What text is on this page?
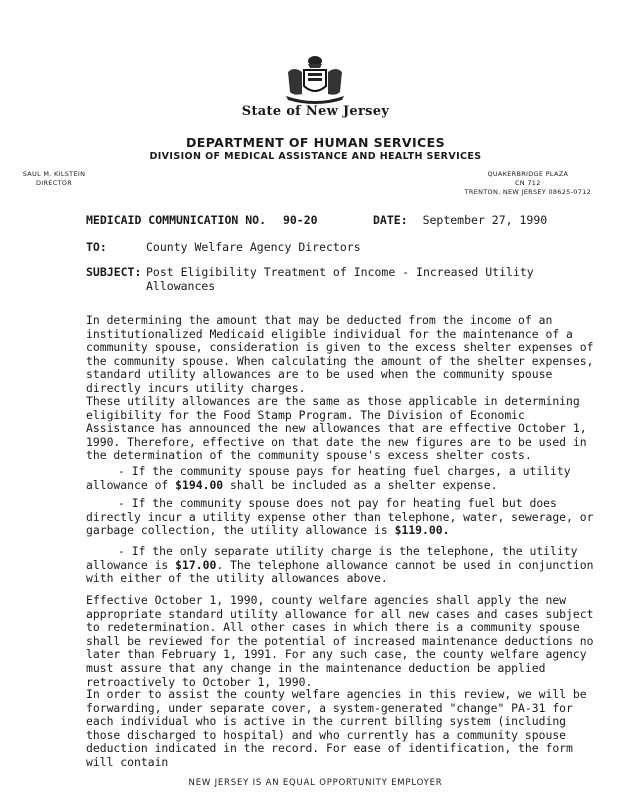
State of New Jersey
DEPARTMENT OF HUMAN SERVICES
DIVISION OF MEDICAL ASSISTANCE AND HEALTH SERVICES
SAUL M. KILSTEIN
DIRECTOR
QUAKERBRIDGE PLAZA
CN 712
TRENTON, NEW JERSEY 08625-0712
MEDICAID COMMUNICATION NO. 90-20	DATE: September 27, 1990
TO:	County Welfare Agency Directors
SUBJECT: Post Eligibility Treatment of Income - Increased Utility Allowances

In determining the amount that may be deducted from the income of an institutionalized Medicaid eligible individual for the maintenance of a community spouse, consideration is given to the excess shelter expenses of the community spouse. When calculating the amount of the shelter expenses, standard utility allowances are to be used when the community spouse directly incurs utility charges.

These utility allowances are the same as those applicable in determining eligibility for the Food Stamp Program. The Division of Economic Assistance has announced the new allowances that are effective October 1, 1990. Therefore, effective on that date the new figures are to be used in the determination of the community spouse's excess shelter costs.

- If the community spouse pays for heating fuel charges, a utility allowance of $194.00 shall be included as a shelter expense.

- If the community spouse does not pay for heating fuel but does directly incur a utility expense other than telephone, water, sewerage, or garbage collection, the utility allowance is $119.00.

- If the only separate utility charge is the telephone, the utility allowance is $17.00. The telephone allowance cannot be used in conjunction with either of the utility allowances above.

Effective October 1, 1990, county welfare agencies shall apply the new appropriate standard utility allowance for all new cases and cases subject to redetermination. All other cases in which there is a community spouse shall be reviewed for the potential of increased maintenance deductions no later than February 1, 1991. For any such case, the county welfare agency must assure that any change in the maintenance deduction be applied retroactively to October 1, 1990.

In order to assist the county welfare agencies in this review, we will be forwarding, under separate cover, a system-generated "change" PA-31 for each individual who is active in the current billing system (including those discharged to hospital) and who currently has a community spouse deduction indicated in the record. For ease of identification, the form will contain

NEW JERSEY IS AN EQUAL OPPORTUNITY EMPLOYER
